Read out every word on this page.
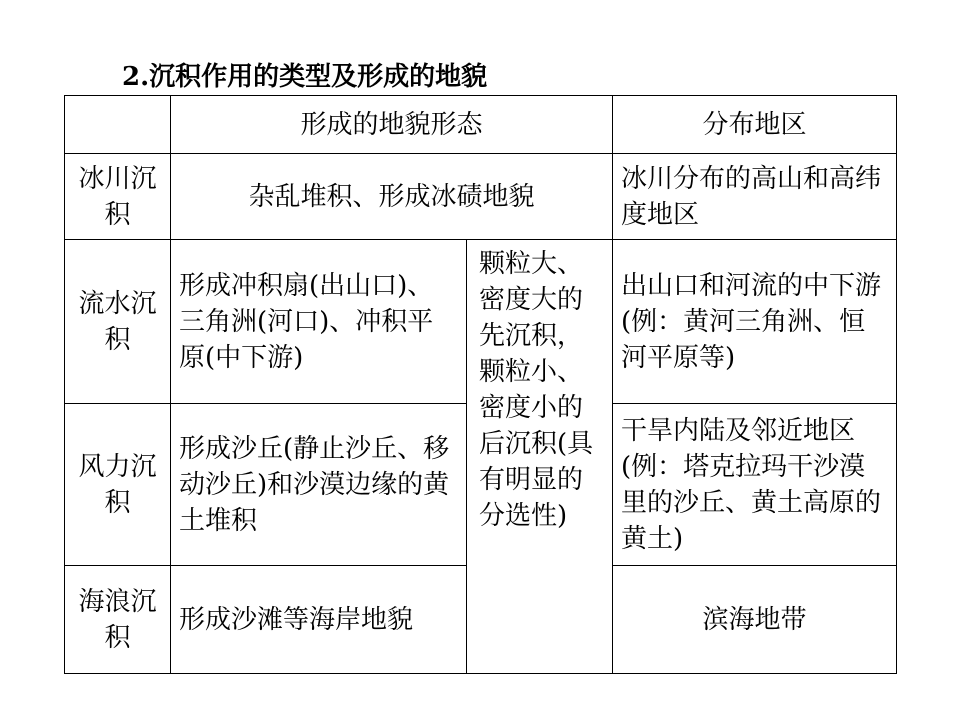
2.沉积作用的类型及形成的地貌
	形成的地貌形态		分布地区
冰川沉积	杂乱堆积、形成冰碛地貌		冰川分布的高山和高纬度地区
流水沉积	形成冲积扇(出山口)、三角洲(河口)、冲积平原(中下游)	颗粒大、密度大的先沉积，颗粒小、密度小的后沉积(具有明显的分选性)	出山口和河流的中下游(例：黄河三角洲、恒河平原等)
风力沉积	形成沙丘(静止沙丘、移动沙丘)和沙漠边缘的黄土堆积		干旱内陆及邻近地区(例：塔克拉玛干沙漠里的沙丘、黄土高原的黄土)
海浪沉积	形成沙滩等海岸地貌		滨海地带
